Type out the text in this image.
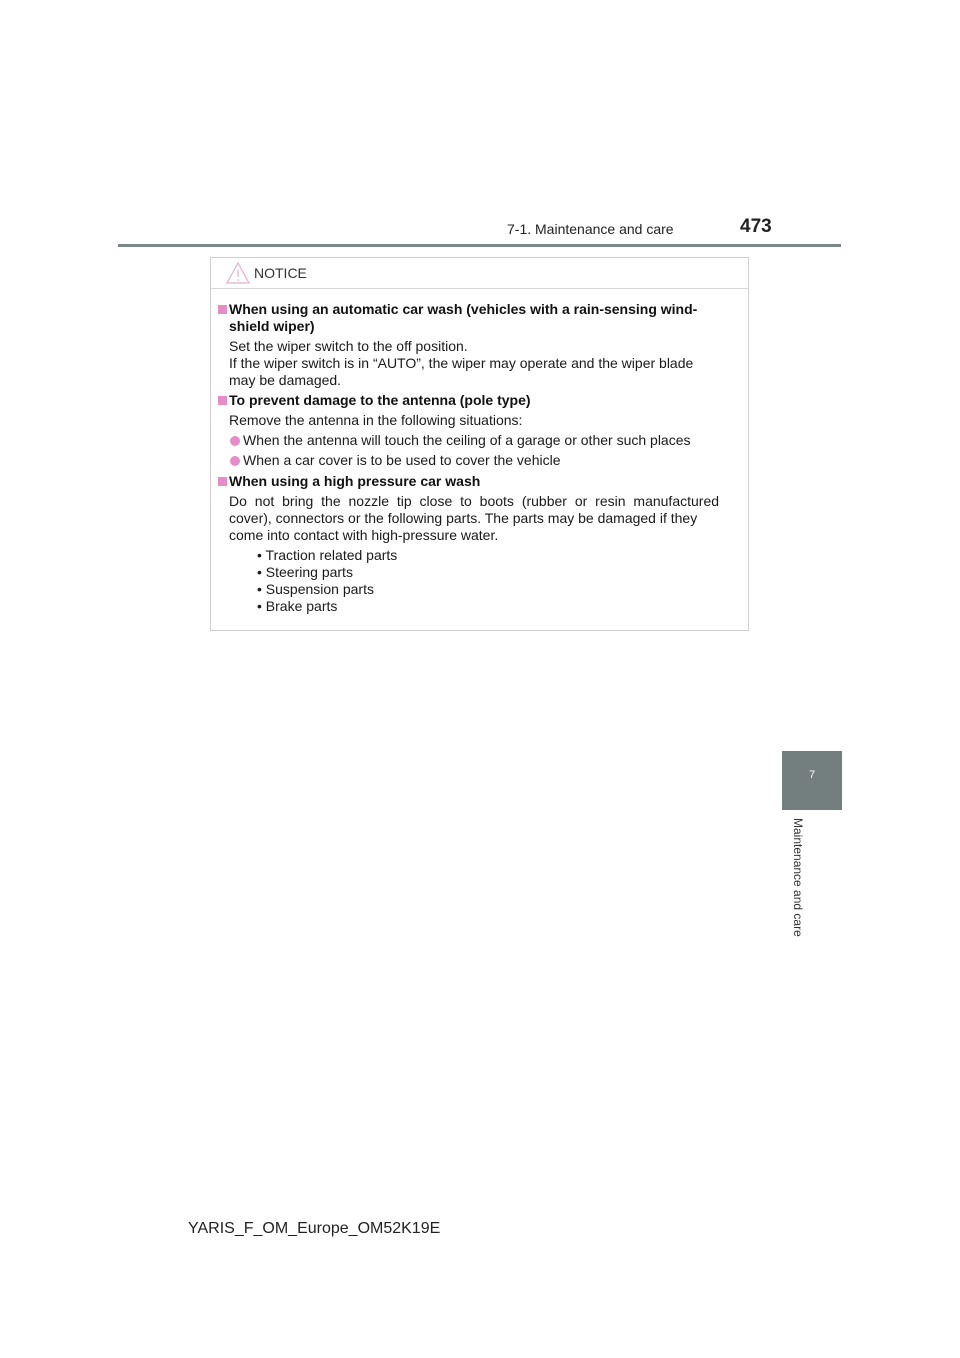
7-1. Maintenance and care	473
NOTICE
When using an automatic car wash (vehicles with a rain-sensing wind-
shield wiper)
Set the wiper switch to the off position.
If the wiper switch is in “AUTO”, the wiper may operate and the wiper blade
may be damaged.
To prevent damage to the antenna (pole type)
Remove the antenna in the following situations:
When the antenna will touch the ceiling of a garage or other such places
When a car cover is to be used to cover the vehicle
When using a high pressure car wash
Do not bring the nozzle tip close to boots (rubber or resin manufactured
cover), connectors or the following parts. The parts may be damaged if they
come into contact with high-pressure water.
• Traction related parts
• Steering parts
• Suspension parts
• Brake parts
7
Maintenance and care
YARIS_F_OM_Europe_OM52K19E
